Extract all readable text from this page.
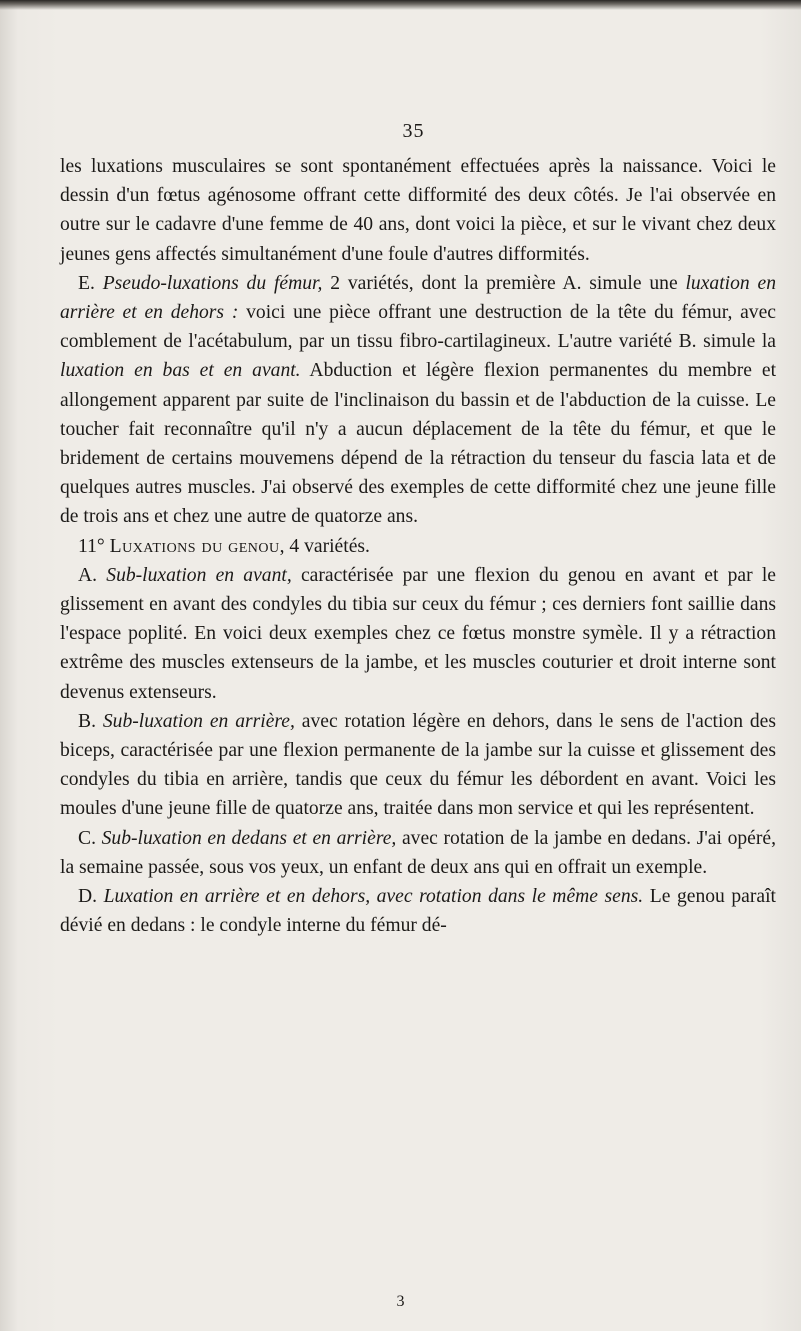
35

les luxations musculaires se sont spontanément effectuées après la naissance. Voici le dessin d'un fœtus agénosome offrant cette difformité des deux côtés. Je l'ai observée en outre sur le cadavre d'une femme de 40 ans, dont voici la pièce, et sur le vivant chez deux jeunes gens affectés simultanément d'une foule d'autres difformités.

E. Pseudo-luxations du fémur, 2 variétés, dont la première A. simule une luxation en arrière et en dehors : voici une pièce offrant une destruction de la tête du fémur, avec comblement de l'acétabulum, par un tissu fibro-cartilagineux. L'autre variété B. simule la luxation en bas et en avant. Abduction et légère flexion permanentes du membre et allongement apparent par suite de l'inclinaison du bassin et de l'abduction de la cuisse. Le toucher fait reconnaître qu'il n'y a aucun déplacement de la tête du fémur, et que le bridement de certains mouvemens dépend de la rétraction du tenseur du fascia lata et de quelques autres muscles. J'ai observé des exemples de cette difformité chez une jeune fille de trois ans et chez une autre de quatorze ans.

11° Luxations du genou, 4 variétés.

A. Sub-luxation en avant, caractérisée par une flexion du genou en avant et par le glissement en avant des condyles du tibia sur ceux du fémur ; ces derniers font saillie dans l'espace poplité. En voici deux exemples chez ce fœtus monstre symèle. Il y a rétraction extrême des muscles extenseurs de la jambe, et les muscles couturier et droit interne sont devenus extenseurs.

B. Sub-luxation en arrière, avec rotation légère en dehors, dans le sens de l'action des biceps, caractérisée par une flexion permanente de la jambe sur la cuisse et glissement des condyles du tibia en arrière, tandis que ceux du fémur les débordent en avant. Voici les moules d'une jeune fille de quatorze ans, traitée dans mon service et qui les représentent.

C. Sub-luxation en dedans et en arrière, avec rotation de la jambe en dedans. J'ai opéré, la semaine passée, sous vos yeux, un enfant de deux ans qui en offrait un exemple.

D. Luxation en arrière et en dehors, avec rotation dans le même sens. Le genou paraît dévié en dedans : le condyle interne du fémur dé-

3
